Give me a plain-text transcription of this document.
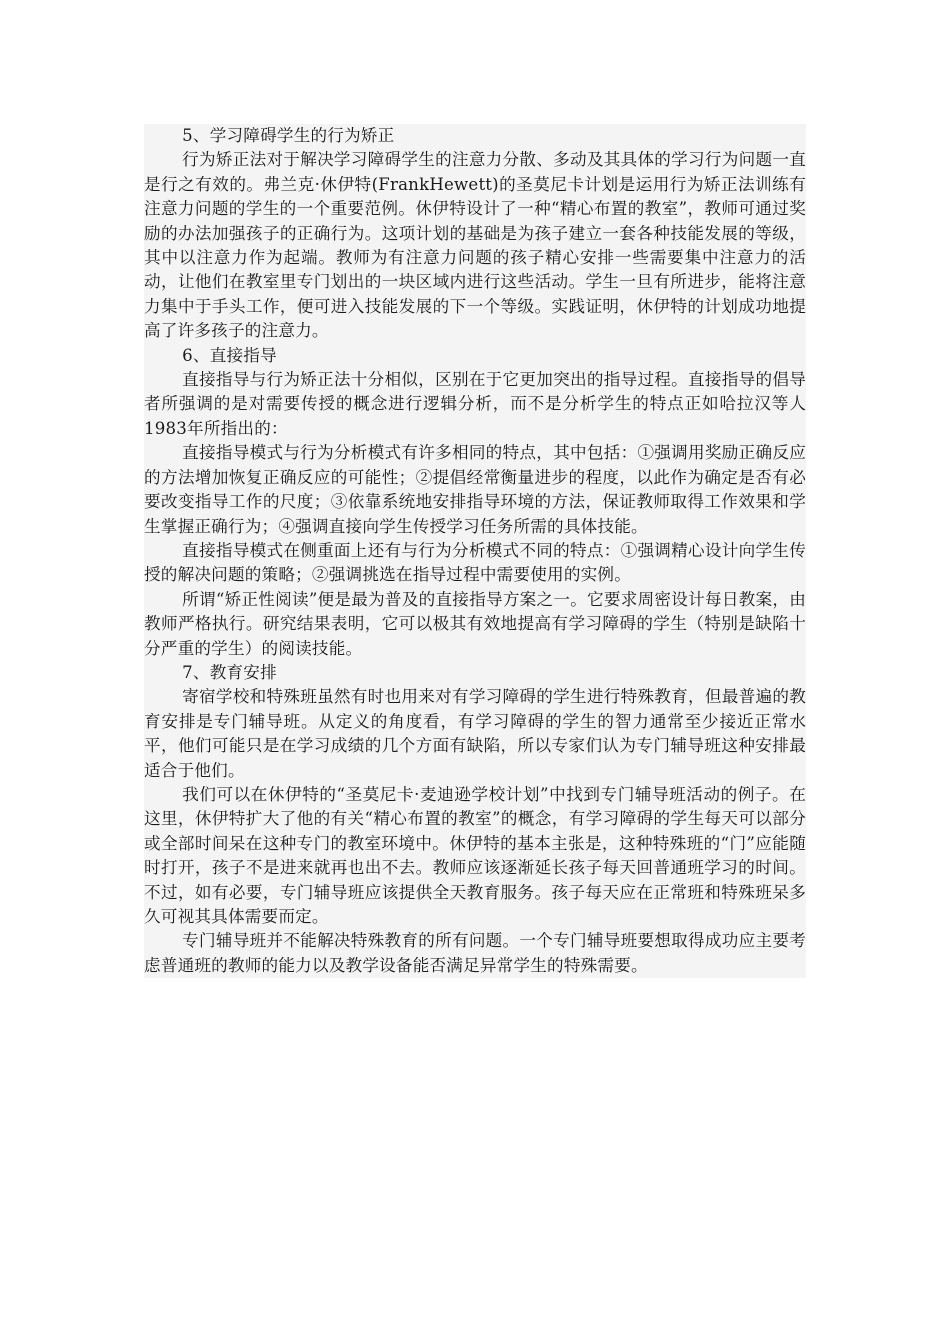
5、学习障碍学生的行为矫正

行为矫正法对于解决学习障碍学生的注意力分散、多动及其具体的学习行为问题一直是行之有效的。弗兰克·休伊特(FrankHewett)的圣莫尼卡计划是运用行为矫正法训练有注意力问题的学生的一个重要范例。休伊特设计了一种“精心布置的教室”，教师可通过奖励的办法加强孩子的正确行为。这项计划的基础是为孩子建立一套各种技能发展的等级，其中以注意力作为起端。教师为有注意力问题的孩子精心安排一些需要集中注意力的活动，让他们在教室里专门划出的一块区域内进行这些活动。学生一旦有所进步，能将注意力集中于手头工作，便可进入技能发展的下一个等级。实践证明，休伊特的计划成功地提高了许多孩子的注意力。

6、直接指导

直接指导与行为矫正法十分相似，区别在于它更加突出的指导过程。直接指导的倡导者所强调的是对需要传授的概念进行逻辑分析，而不是分析学生的特点正如哈拉汉等人1983年所指出的：

直接指导模式与行为分析模式有许多相同的特点，其中包括：①强调用奖励正确反应的方法增加恢复正确反应的可能性；②提倡经常衡量进步的程度，以此作为确定是否有必要改变指导工作的尺度；③依靠系统地安排指导环境的方法，保证教师取得工作效果和学生掌握正确行为；④强调直接向学生传授学习任务所需的具体技能。

直接指导模式在侧重面上还有与行为分析模式不同的特点：①强调精心设计向学生传授的解决问题的策略；②强调挑选在指导过程中需要使用的实例。

所谓“矫正性阅读”便是最为普及的直接指导方案之一。它要求周密设计每日教案，由教师严格执行。研究结果表明，它可以极其有效地提高有学习障碍的学生（特别是缺陷十分严重的学生）的阅读技能。

7、教育安排

寄宿学校和特殊班虽然有时也用来对有学习障碍的学生进行特殊教育，但最普遍的教育安排是专门辅导班。从定义的角度看，有学习障碍的学生的智力通常至少接近正常水平，他们可能只是在学习成绩的几个方面有缺陷，所以专家们认为专门辅导班这种安排最适合于他们。

我们可以在休伊特的“圣莫尼卡·麦迪逊学校计划”中找到专门辅导班活动的例子。在这里，休伊特扩大了他的有关“精心布置的教室”的概念，有学习障碍的学生每天可以部分或全部时间呆在这种专门的教室环境中。休伊特的基本主张是，这种特殊班的“门”应能随时打开，孩子不是进来就再也出不去。教师应该逐渐延长孩子每天回普通班学习的时间。不过，如有必要，专门辅导班应该提供全天教育服务。孩子每天应在正常班和特殊班呆多久可视其具体需要而定。

专门辅导班并不能解决特殊教育的所有问题。一个专门辅导班要想取得成功应主要考虑普通班的教师的能力以及教学设备能否满足异常学生的特殊需要。
